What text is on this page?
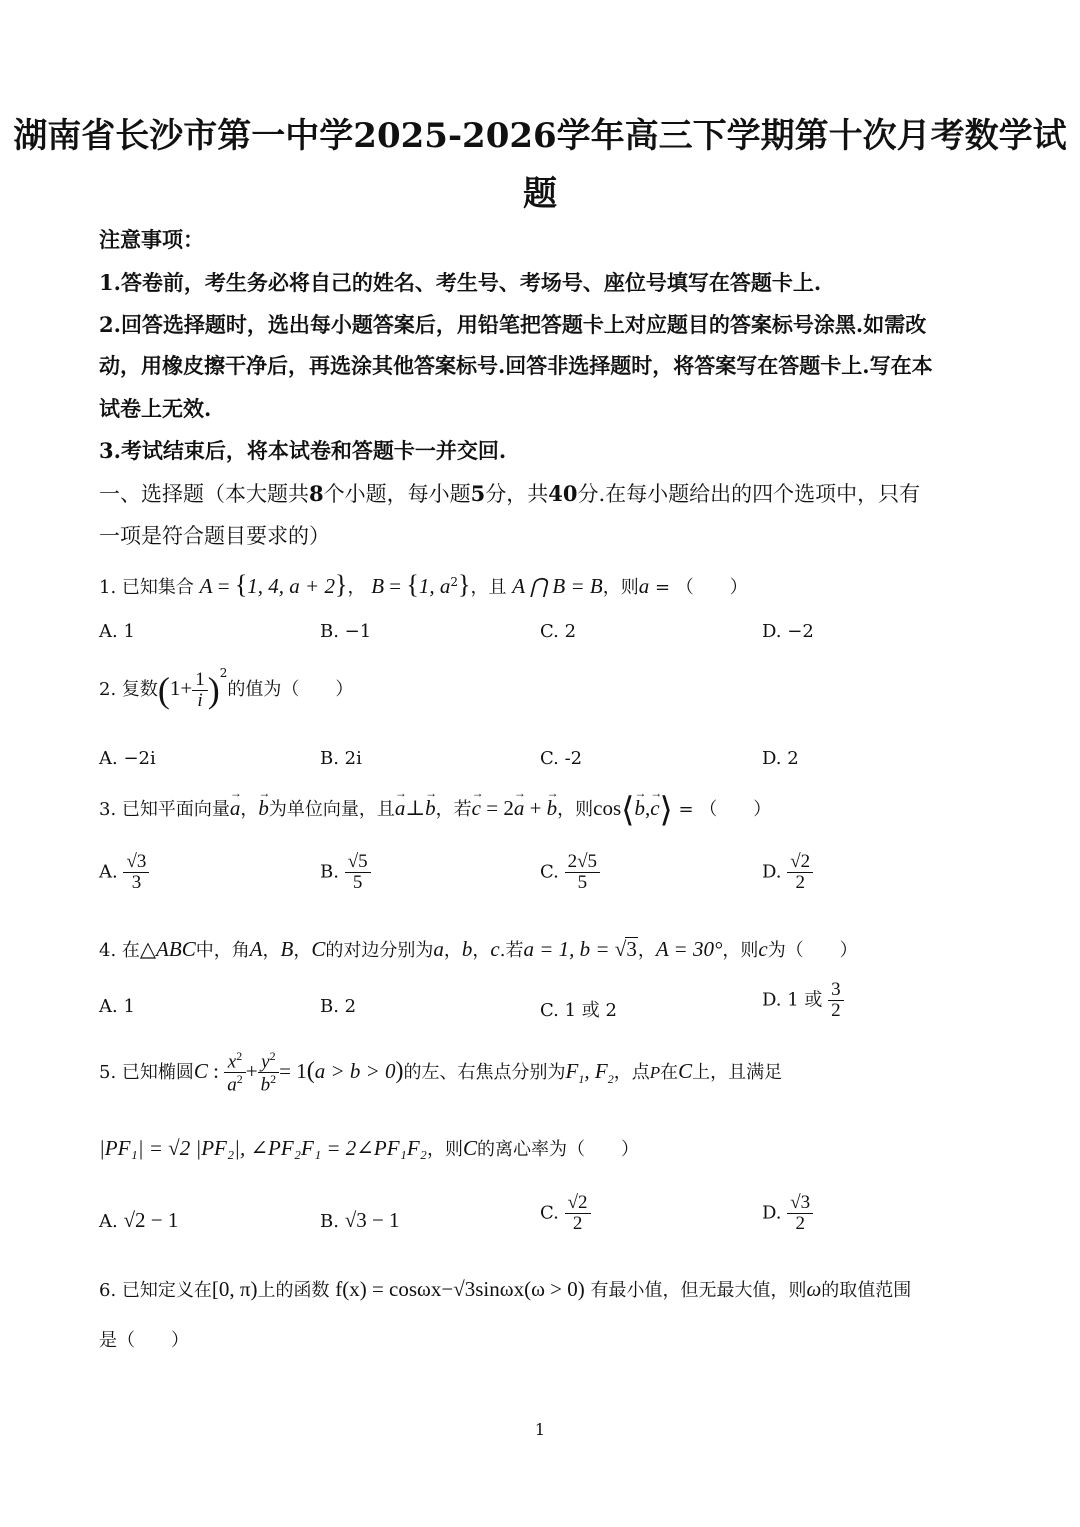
湖南省长沙市第一中学2025-2026学年高三下学期第十次月考数学试
题
注意事项：
1.答卷前，考生务必将自己的姓名、考生号、考场号、座位号填写在答题卡上.
2.回答选择题时，选出每小题答案后，用铅笔把答题卡上对应题目的答案标号涂黑.如需改
动，用橡皮擦干净后，再选涂其他答案标号.回答非选择题时，将答案写在答题卡上.写在本
试卷上无效.
3.考试结束后，将本试卷和答题卡一并交回.
一、选择题（本大题共8个小题，每小题5分，共40分.在每小题给出的四个选项中，只有
一项是符合题目要求的）
1. 已知集合 A = {1, 4, a + 2}， B = {1, $a^2$}，且 A ⋂ B = B，则a = （　　）
A. 1	B. −1	C. 2	D. −2
2. 复数$(1+ \frac{1}{i} )^2$的值为（　　）
A. −2i	B. 2i	C. -2	D. 2
3. 已知平面向量→ a，→ b为单位向量，且→ a⊥→ b，若→ c = 2→ a + → b，则cos⟨→ b,→ c⟩ = （　　）
A. $\frac{√3}{3}$	B. $\frac{√5}{5}$	C. $\frac{2√5}{5}$	D. $\frac{√2}{2}$
4. 在△ABC中，角A，B，C的对边分别为a，b，c.若a = 1, b = √3，A = 30°，则c为（　　）
A. 1	B. 2	C. 1 或 2
D. 1 或 $\frac{3}{2}$
5. 已知椭圆C : $\frac{x^2}{a^2} + \frac{y^2}{b^2} = 1(a > b > 0)$的左、右焦点分别为$F_1$, $F_2$，点P在C上，且满足
|PF₁| = √2 |PF₂|, ∠PF₂F₁ = 2∠PF₁F₂，则C的离心率为（　　）
A. √2 − 1	B. √3 − 1	C. $\frac{√2}{2}$	D. $\frac{√3}{2}$
6. 已知定义在[0, π)上的函数 f(x) = cosωx−√3sinωx(ω > 0) 有最小值，但无最大值，则ω的取值范围
是（　　）
1
